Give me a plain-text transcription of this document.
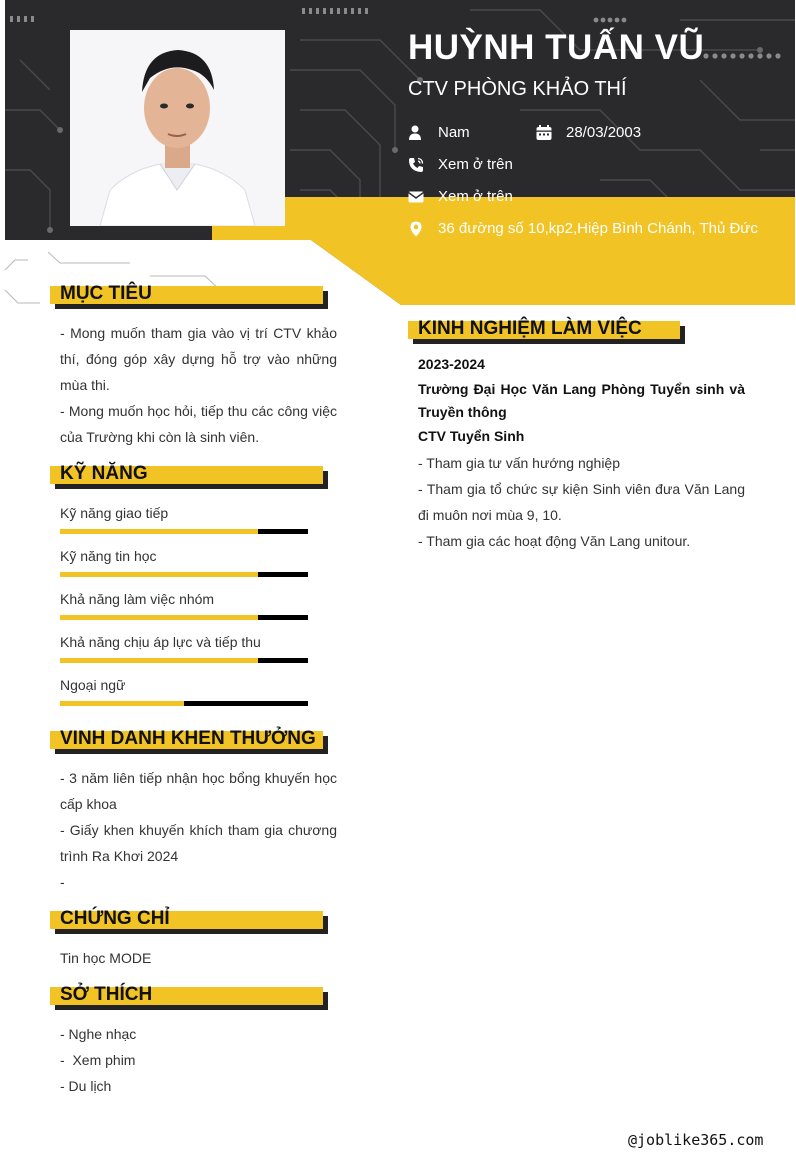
HUỲNH TUẤN VŨ
CTV PHÒNG KHẢO THÍ
Nam	28/03/2003
Xem ở trên
Xem ở trên
36 đường số 10,kp2,Hiệp Bình Chánh, Thủ Đức
MỤC TIÊU
- Mong muốn tham gia vào vị trí CTV khảo thí, đóng góp xây dựng hỗ trợ vào những mùa thi.
- Mong muốn học hỏi, tiếp thu các công việc của Trường khi còn là sinh viên.
KỸ NĂNG
Kỹ năng giao tiếp
Kỹ năng tin học
Khả năng làm việc nhóm
Khả năng chịu áp lực và tiếp thu
Ngoại ngữ
VINH DANH KHEN THƯỞNG
- 3 năm liên tiếp nhận học bổng khuyến học cấp khoa
- Giấy khen khuyến khích tham gia chương trình Ra Khơi 2024
-
CHỨNG CHỈ
Tin học MODE
SỞ THÍCH
- Nghe nhạc
-  Xem phim
- Du lịch
KINH NGHIỆM LÀM VIỆC
2023-2024
Trường Đại Học Văn Lang Phòng Tuyển sinh và Truyền thông
CTV Tuyển Sinh
- Tham gia tư vấn hướng nghiệp
- Tham gia tổ chức sự kiện Sinh viên đưa Văn Lang đi muôn nơi mùa 9, 10.
- Tham gia các hoạt động Văn Lang unitour.
@joblike365.com
